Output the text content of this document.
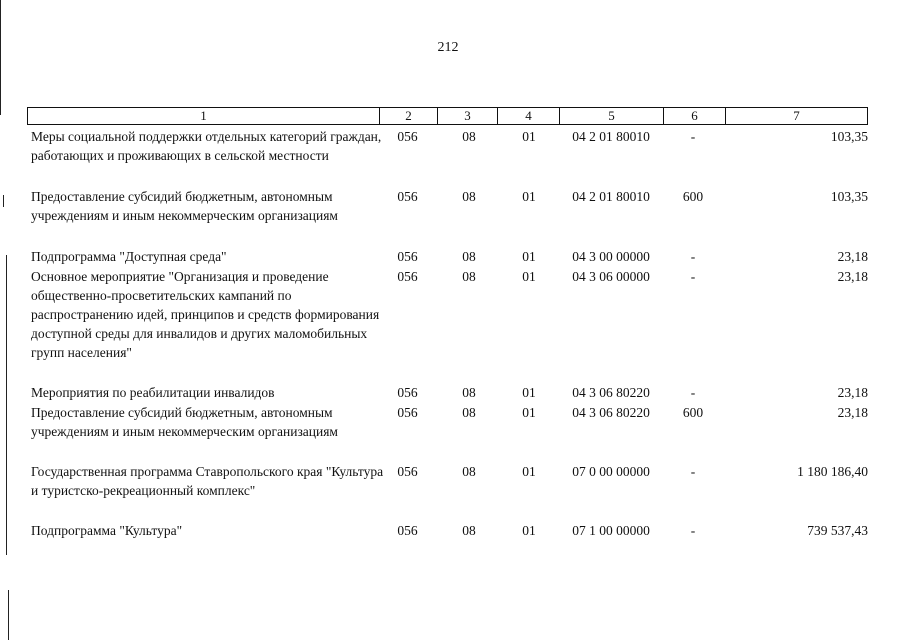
212
1	2	3	4	5	6	7
Меры социальной поддержки отдельных категорий граждан, работающих и проживающих в сельской местности
056	08	01	04 2 01 80010	-	103,35
Предоставление субсидий бюджетным, автономным учреждениям и иным некоммерческим организациям
056	08	01	04 2 01 80010	600	103,35
Подпрограмма "Доступная среда"	056	08	01	04 3 00 00000	-	23,18
Основное мероприятие "Организация и проведение общественно-просветительских кампаний по распространению идей, принципов и средств формирования доступной среды для инвалидов и других маломобильных групп населения"
056	08	01	04 3 06 00000	-	23,18
Мероприятия по реабилитации инвалидов	056	08	01	04 3 06 80220	-	23,18
Предоставление субсидий бюджетным, автономным учреждениям и иным некоммерческим организациям
056	08	01	04 3 06 80220	600	23,18
Государственная программа Ставропольского края "Культура и туристско-рекреационный комплекс"
056	08	01	07 0 00 00000	-	1 180 186,40
Подпрограмма "Культура"	056	08	01	07 1 00 00000	-	739 537,43
